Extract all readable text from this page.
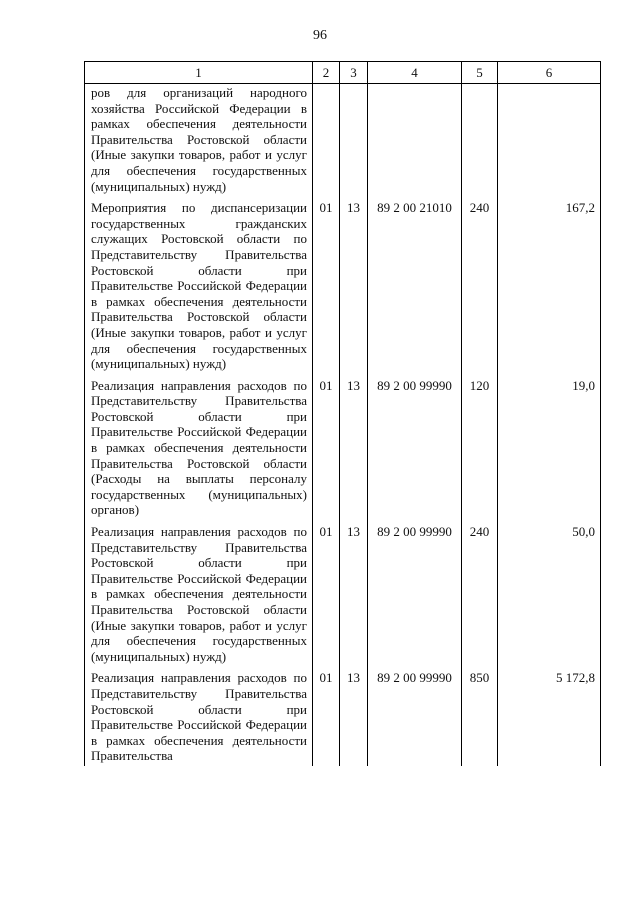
96
1	2	3	4	5	6
ров для организаций народного хозяйства Российской Федерации в рамках обеспечения деятельности Правительства Ростовской области (Иные закупки товаров, работ и услуг для обеспечения государственных (муниципальных) нужд)					
Мероприятия по диспансеризации государственных гражданских служащих Ростовской области по Представительству Правительства Ростовской области при Правительстве Российской Федерации в рамках обеспечения деятельности Правительства Ростовской области (Иные закупки товаров, работ и услуг для обеспечения государственных (муниципальных) нужд)	01	13	89 2 00 21010	240	167,2
Реализация направления расходов по Представительству Правительства Ростовской области при Правительстве Российской Федерации в рамках обеспечения деятельности Правительства Ростовской области (Расходы на выплаты персоналу государственных (муниципальных) органов)	01	13	89 2 00 99990	120	19,0
Реализация направления расходов по Представительству Правительства Ростовской области при Правительстве Российской Федерации в рамках обеспечения деятельности Правительства Ростовской области (Иные закупки товаров, работ и услуг для обеспечения государственных (муниципальных) нужд)	01	13	89 2 00 99990	240	50,0
Реализация направления расходов по Представительству Правительства Ростовской области при Правительстве Российской Федерации в рамках обеспечения деятельности Правительства	01	13	89 2 00 99990	850	5 172,8
